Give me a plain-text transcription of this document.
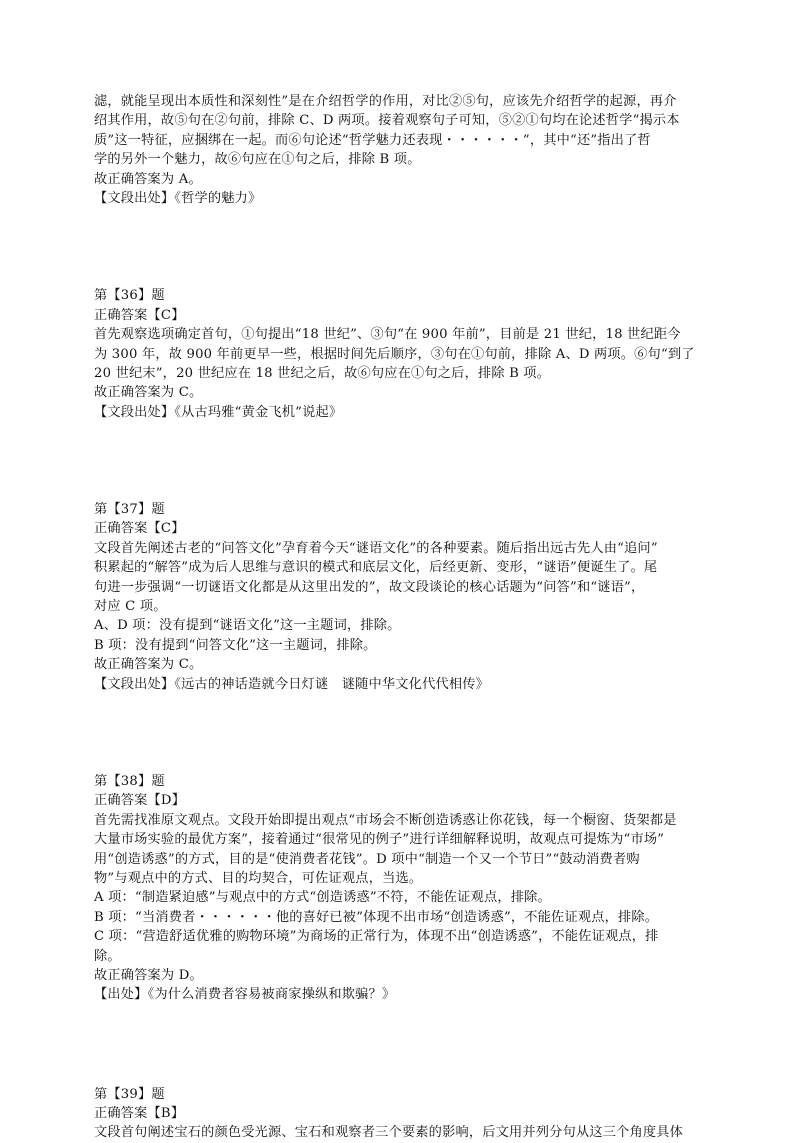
滤，就能呈现出本质性和深刻性”是在介绍哲学的作用，对比②⑤句，应该先介绍哲学的起源，再介
绍其作用，故⑤句在②句前，排除 C、D 两项。接着观察句子可知，⑤②①句均在论述哲学“揭示本
质”这一特征，应捆绑在一起。而⑥句论述“哲学魅力还表现・・・・・・”，其中“还”指出了哲
学的另外一个魅力，故⑥句应在①句之后，排除 B 项。
故正确答案为 A。
【文段出处】《哲学的魅力》
第【36】题
正确答案【C】
首先观察选项确定首句，①句提出“18 世纪”、③句“在 900 年前”，目前是 21 世纪，18 世纪距今
为 300 年，故 900 年前更早一些，根据时间先后顺序，③句在①句前，排除 A、D 两项。⑥句“到了
20 世纪末”，20 世纪应在 18 世纪之后，故⑥句应在①句之后，排除 B 项。
故正确答案为 C。
【文段出处】《从古玛雅“黄金飞机”说起》
第【37】题
正确答案【C】
文段首先阐述古老的“问答文化”孕育着今天“谜语文化”的各种要素。随后指出远古先人由“追问”
积累起的“解答”成为后人思维与意识的模式和底层文化，后经更新、变形，“谜语”便诞生了。尾
句进一步强调“一切谜语文化都是从这里出发的”，故文段谈论的核心话题为“问答”和“谜语”，
对应 C 项。
A、D 项：没有提到“谜语文化”这一主题词，排除。
B 项：没有提到“问答文化”这一主题词，排除。
故正确答案为 C。
【文段出处】《远古的神话造就今日灯谜　谜随中华文化代代相传》
第【38】题
正确答案【D】
首先需找准原文观点。文段开始即提出观点“市场会不断创造诱惑让你花钱，每一个橱窗、货架都是
大量市场实验的最优方案”，接着通过“很常见的例子”进行详细解释说明，故观点可提炼为“市场”
用“创造诱惑”的方式，目的是“使消费者花钱”。D 项中“制造一个又一个节日”“鼓动消费者购
物”与观点中的方式、目的均契合，可佐证观点，当选。
A 项：“制造紧迫感”与观点中的方式“创造诱惑”不符，不能佐证观点，排除。
B 项：“当消费者・・・・・・他的喜好已被”体现不出市场“创造诱惑”，不能佐证观点，排除。
C 项：“营造舒适优雅的购物环境”为商场的正常行为，体现不出“创造诱惑”，不能佐证观点，排
除。
故正确答案为 D。
【出处】《为什么消费者容易被商家操纵和欺骗？》
第【39】题
正确答案【B】
文段首句阐述宝石的颜色受光源、宝石和观察者三个要素的影响，后文用并列分句从这三个角度具体
